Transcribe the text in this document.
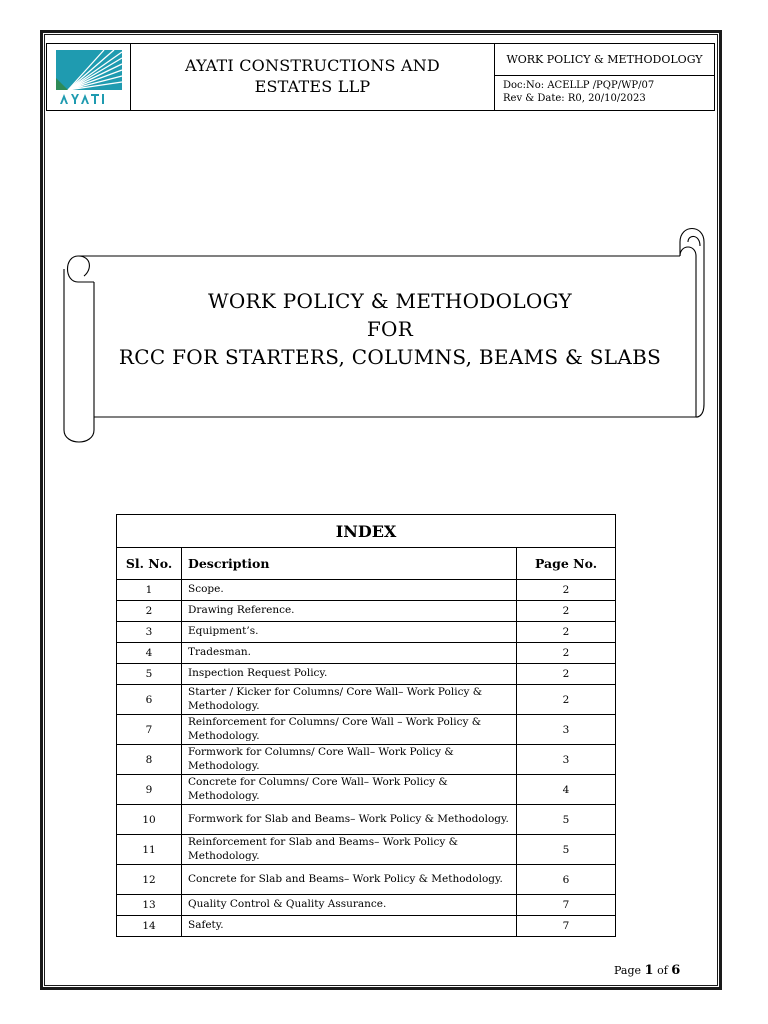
AYATI CONSTRUCTIONS AND
ESTATES LLP
WORK POLICY & METHODOLOGY
Doc:No: ACELLP /PQP/WP/07
Rev & Date: R0, 20/10/2023
WORK POLICY & METHODOLOGY
FOR
RCC FOR STARTERS, COLUMNS, BEAMS & SLABS
INDEX		
Sl. No.	Description	Page No.
1	Scope.	2
2	Drawing Reference.	2
3	Equipment’s.	2
4	Tradesman.	2
5	Inspection Request Policy.	2
6	Starter / Kicker for Columns/ Core Wall– Work Policy & Methodology.	2
7	Reinforcement for Columns/ Core Wall – Work Policy & Methodology.	3
8	Formwork for Columns/ Core Wall– Work Policy & Methodology.	3
9	Concrete for Columns/ Core Wall– Work Policy & Methodology.	4
10	Formwork for Slab and Beams– Work Policy & Methodology.	5
11	Reinforcement for Slab and Beams– Work Policy & Methodology.	5
12	Concrete for Slab and Beams– Work Policy & Methodology.	6
13	Quality Control & Quality Assurance.	7
14	Safety.	7
Page 1 of 6
